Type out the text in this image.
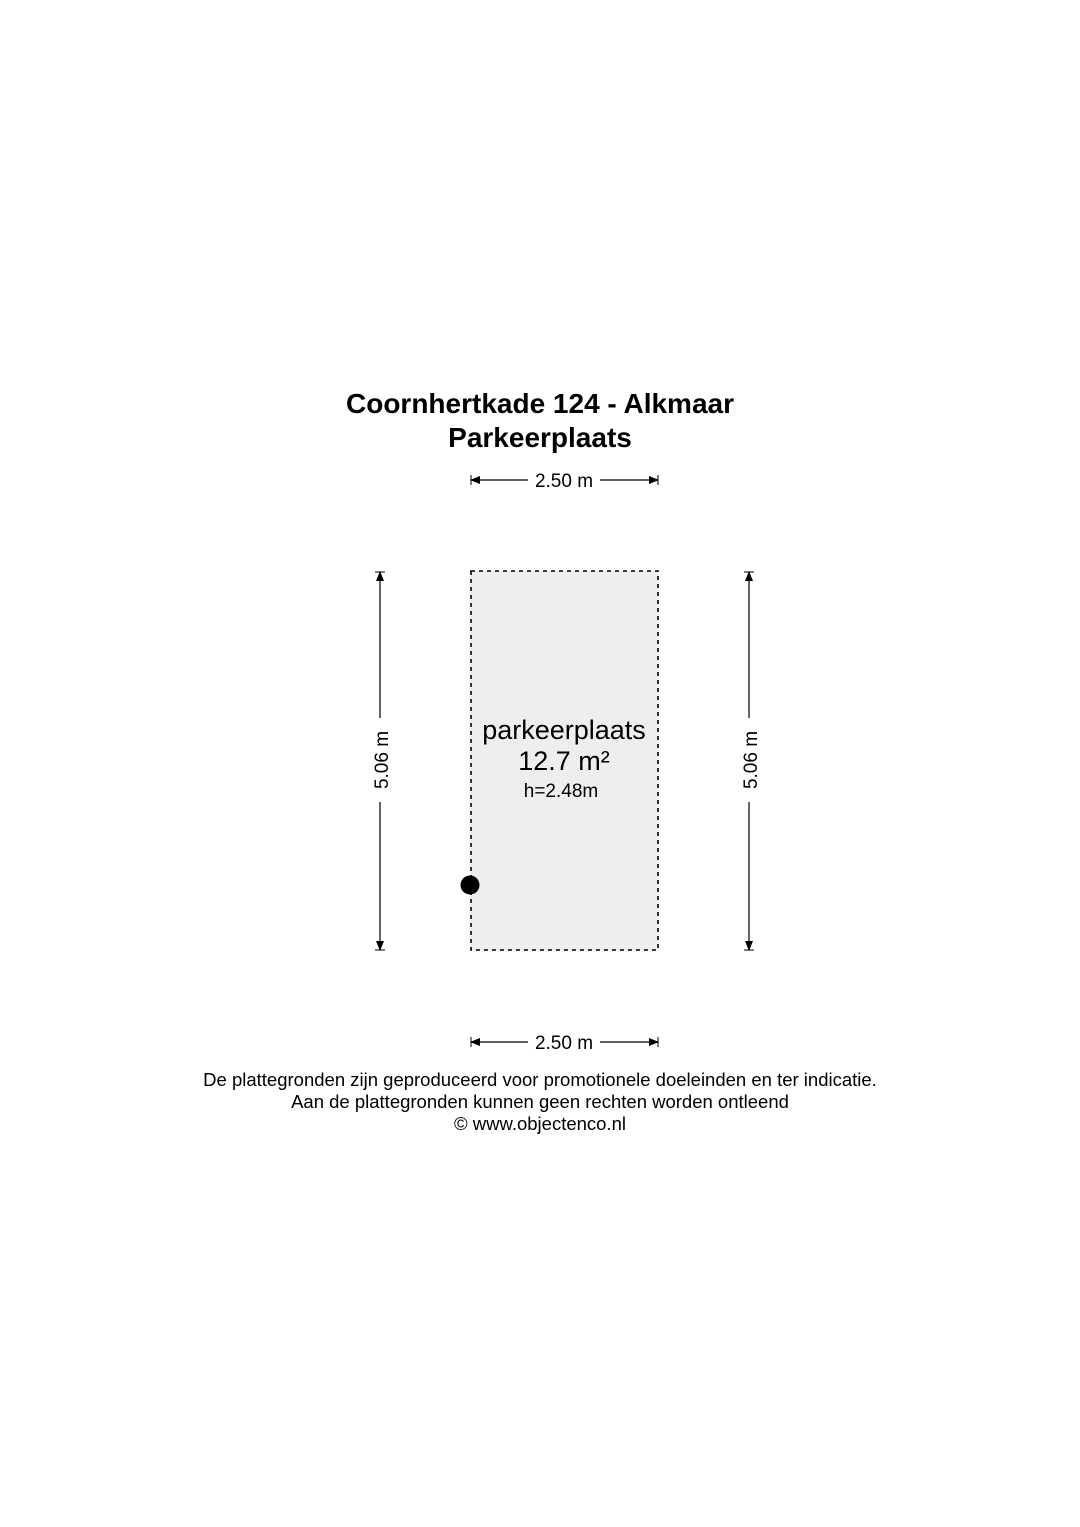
Coornhertkade 124 - Alkmaar
Parkeerplaats
2.50 m
5.06 m	5.06 m
parkeerplaats
12.7 m²
h=2.48m
2.50 m
De plattegronden zijn geproduceerd voor promotionele doeleinden en ter indicatie.
Aan de plattegronden kunnen geen rechten worden ontleend
© www.objectenco.nl
